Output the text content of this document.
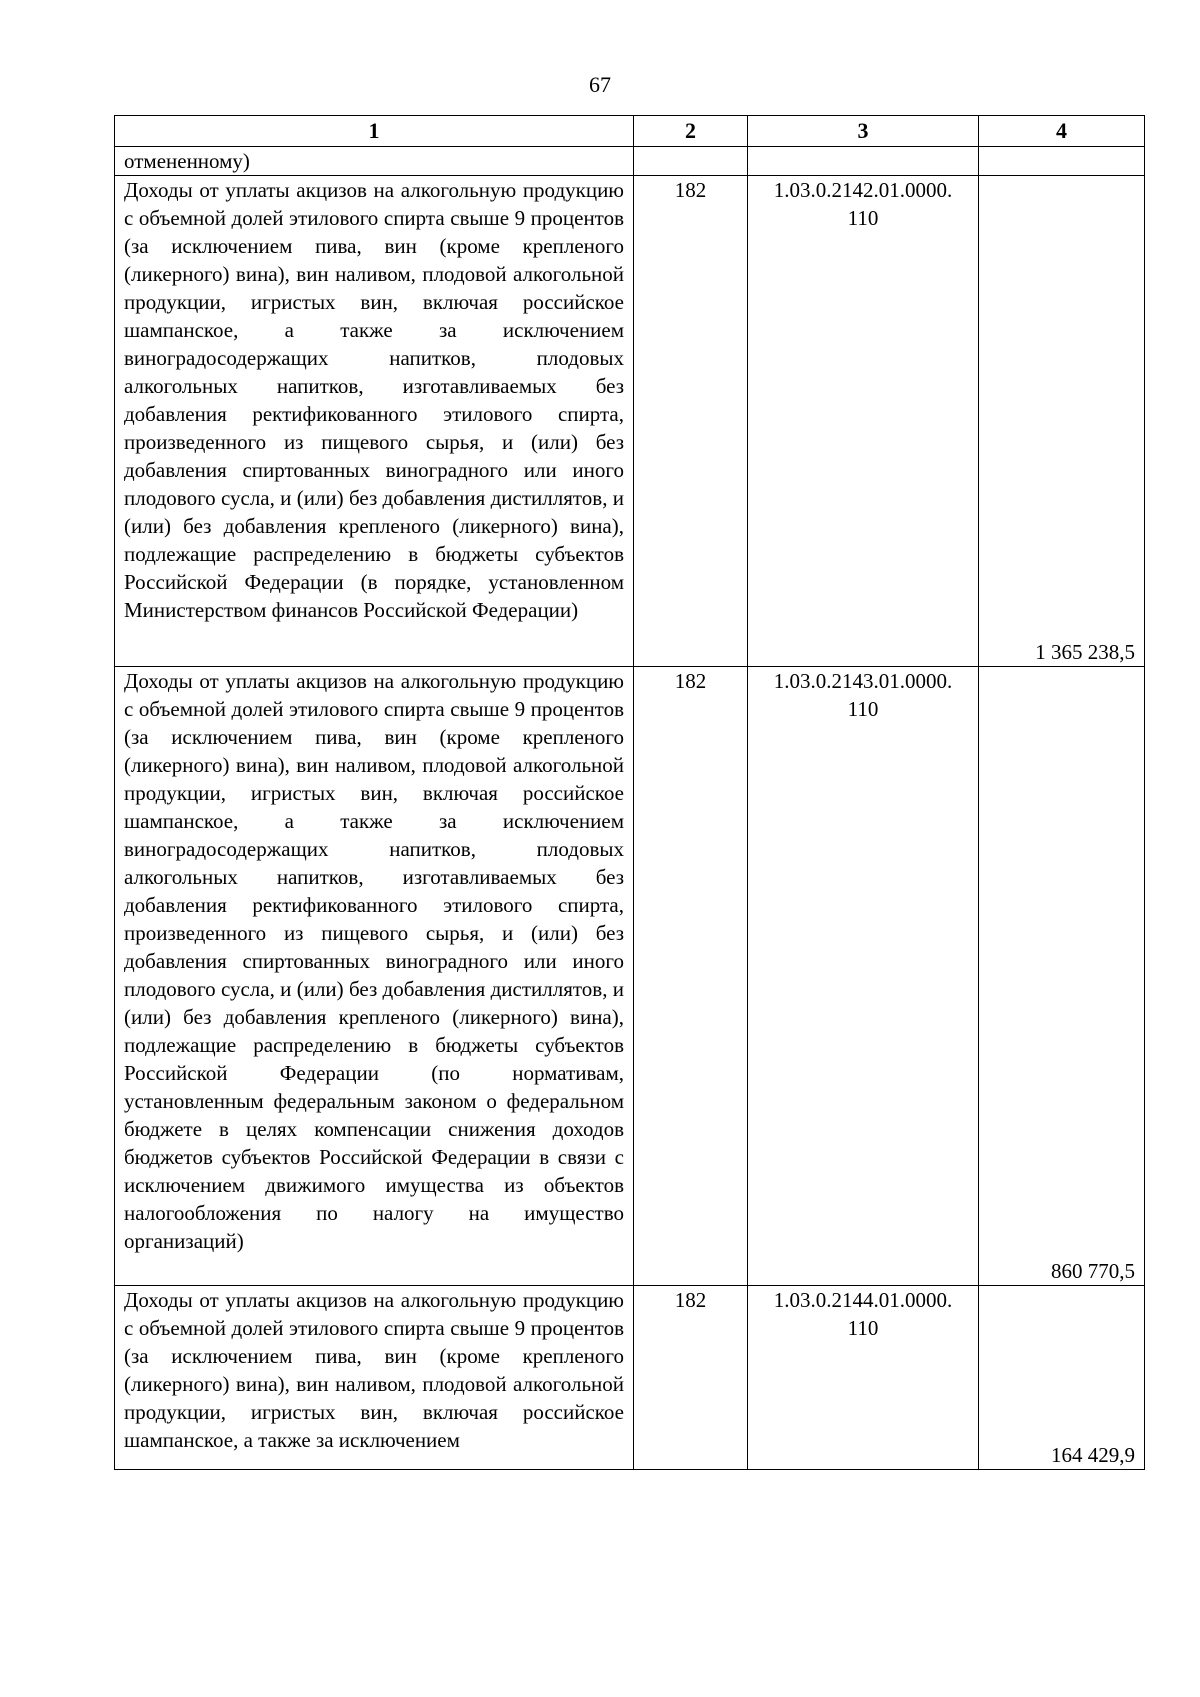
67
1	2	3	4
отмененному)			
Доходы от уплаты акцизов на алкогольную продукцию с объемной долей этилового спирта свыше 9 процентов (за исключением пива, вин (кроме крепленого (ликерного) вина), вин наливом, плодовой алкогольной продукции, игристых вин, включая российское шампанское, а также за исключением виноградосодержащих напитков, плодовых алкогольных напитков, изготавливаемых без добавления ректификованного этилового спирта, произведенного из пищевого сырья, и (или) без добавления спиртованных виноградного или иного плодового сусла, и (или) без добавления дистиллятов, и (или) без добавления крепленого (ликерного) вина), подлежащие распределению в бюджеты субъектов Российской Федерации (в порядке, установленном Министерством финансов Российской Федерации)	182	1.03.0.2142.01.0000. 110	1 365 238,5
Доходы от уплаты акцизов на алкогольную продукцию с объемной долей этилового спирта свыше 9 процентов (за исключением пива, вин (кроме крепленого (ликерного) вина), вин наливом, плодовой алкогольной продукции, игристых вин, включая российское шампанское, а также за исключением виноградосодержащих напитков, плодовых алкогольных напитков, изготавливаемых без добавления ректификованного этилового спирта, произведенного из пищевого сырья, и (или) без добавления спиртованных виноградного или иного плодового сусла, и (или) без добавления дистиллятов, и (или) без добавления крепленого (ликерного) вина), подлежащие распределению в бюджеты субъектов Российской Федерации (по нормативам, установленным федеральным законом о федеральном бюджете в целях компенсации снижения доходов бюджетов субъектов Российской Федерации в связи с исключением движимого имущества из объектов налогообложения по налогу на имущество организаций)	182	1.03.0.2143.01.0000. 110	860 770,5
Доходы от уплаты акцизов на алкогольную продукцию с объемной долей этилового спирта свыше 9 процентов (за исключением пива, вин (кроме крепленого (ликерного) вина), вин наливом, плодовой алкогольной продукции, игристых вин, включая российское шампанское, а также за исключением	182	1.03.0.2144.01.0000. 110	164 429,9
